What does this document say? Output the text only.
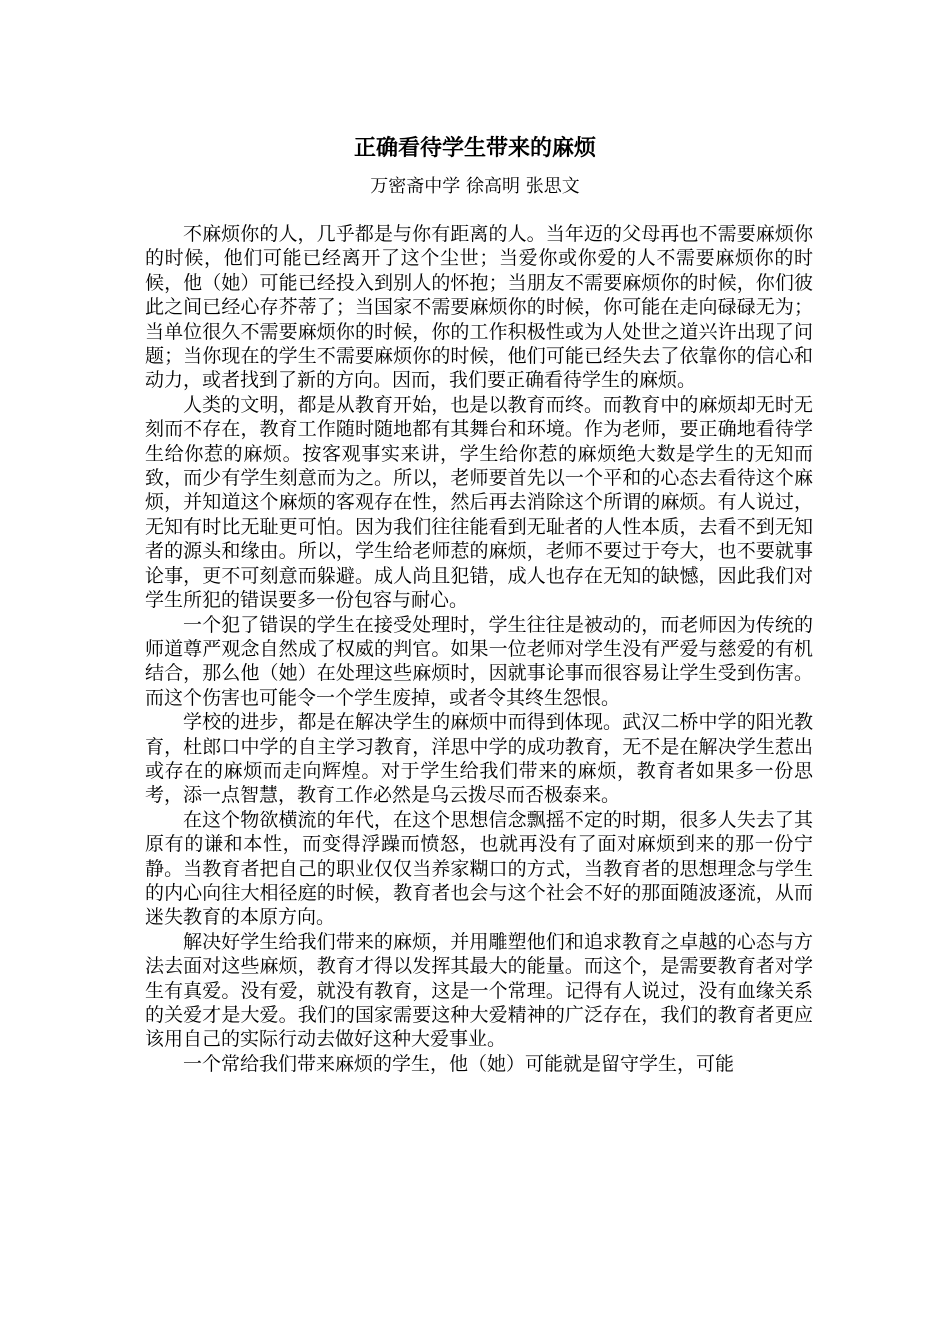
正确看待学生带来的麻烦
万密斋中学 徐高明 张思文

不麻烦你的人，几乎都是与你有距离的人。当年迈的父母再也不需要麻烦你的时候，他们可能已经离开了这个尘世；当爱你或你爱的人不需要麻烦你的时候，他（她）可能已经投入到别人的怀抱；当朋友不需要麻烦你的时候，你们彼此之间已经心存芥蒂了；当国家不需要麻烦你的时候，你可能在走向碌碌无为；当单位很久不需要麻烦你的时候，你的工作积极性或为人处世之道兴许出现了问题；当你现在的学生不需要麻烦你的时候，他们可能已经失去了依靠你的信心和动力，或者找到了新的方向。因而，我们要正确看待学生的麻烦。

人类的文明，都是从教育开始，也是以教育而终。而教育中的麻烦却无时无刻而不存在，教育工作随时随地都有其舞台和环境。作为老师，要正确地看待学生给你惹的麻烦。按客观事实来讲，学生给你惹的麻烦绝大数是学生的无知而致，而少有学生刻意而为之。所以，老师要首先以一个平和的心态去看待这个麻烦，并知道这个麻烦的客观存在性，然后再去消除这个所谓的麻烦。有人说过，无知有时比无耻更可怕。因为我们往往能看到无耻者的人性本质，去看不到无知者的源头和缘由。所以，学生给老师惹的麻烦，老师不要过于夸大，也不要就事论事，更不可刻意而躲避。成人尚且犯错，成人也存在无知的缺憾，因此我们对学生所犯的错误要多一份包容与耐心。

一个犯了错误的学生在接受处理时，学生往往是被动的，而老师因为传统的师道尊严观念自然成了权威的判官。如果一位老师对学生没有严爱与慈爱的有机结合，那么他（她）在处理这些麻烦时，因就事论事而很容易让学生受到伤害。而这个伤害也可能令一个学生废掉，或者令其终生怨恨。

学校的进步，都是在解决学生的麻烦中而得到体现。武汉二桥中学的阳光教育，杜郎口中学的自主学习教育，洋思中学的成功教育，无不是在解决学生惹出或存在的麻烦而走向辉煌。对于学生给我们带来的麻烦，教育者如果多一份思考，添一点智慧，教育工作必然是乌云拨尽而否极泰来。

在这个物欲横流的年代，在这个思想信念飘摇不定的时期，很多人失去了其原有的谦和本性，而变得浮躁而愤怒，也就再没有了面对麻烦到来的那一份宁静。当教育者把自己的职业仅仅当养家糊口的方式，当教育者的思想理念与学生的内心向往大相径庭的时候，教育者也会与这个社会不好的那面随波逐流，从而迷失教育的本原方向。

解决好学生给我们带来的麻烦，并用雕塑他们和追求教育之卓越的心态与方法去面对这些麻烦，教育才得以发挥其最大的能量。而这个，是需要教育者对学生有真爱。没有爱，就没有教育，这是一个常理。记得有人说过，没有血缘关系的关爱才是大爱。我们的国家需要这种大爱精神的广泛存在，我们的教育者更应该用自己的实际行动去做好这种大爱事业。

一个常给我们带来麻烦的学生，他（她）可能就是留守学生，可能
